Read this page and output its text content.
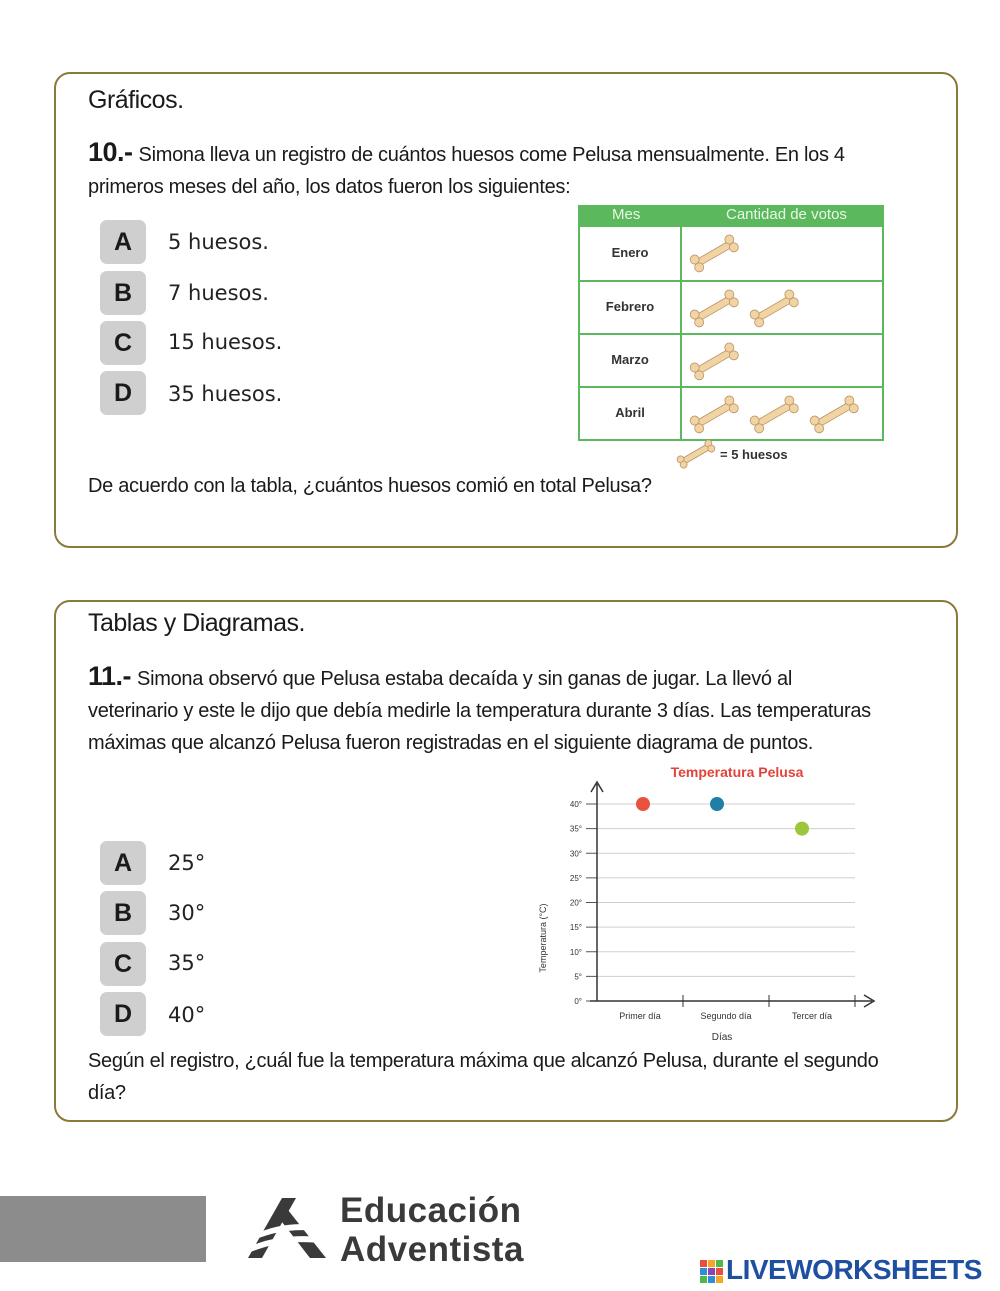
Gráficos.
10.- Simona lleva un registro de cuántos huesos come Pelusa mensualmente. En los 4 primeros meses del año, los datos fueron los siguientes:
A	5 huesos.
B	7 huesos.
C	15 huesos.
D	35 huesos.
Mes	Cantidad de votos
Enero
Febrero
Marzo
Abril
= 5 huesos
De acuerdo con la tabla, ¿cuántos huesos comió en total Pelusa?
Tablas y Diagramas.
11.- Simona observó que Pelusa estaba decaída y sin ganas de jugar. La llevó al veterinario y este le dijo que debía medirle la temperatura durante 3 días. Las temperaturas máximas que alcanzó Pelusa fueron registradas en el siguiente diagrama de puntos.
A	25°
B	30°
C	35°
D	40°
Temperatura Pelusa
0°
5°
10°
15°
20°
25°
30°
35°
40°
Primer día	Segundo día	Tercer día
Temperatura (°C)
Días
Según el registro, ¿cuál fue la temperatura máxima que alcanzó Pelusa, durante el segundo día?
Educación
Adventista
LIVEWORKSHEETS
